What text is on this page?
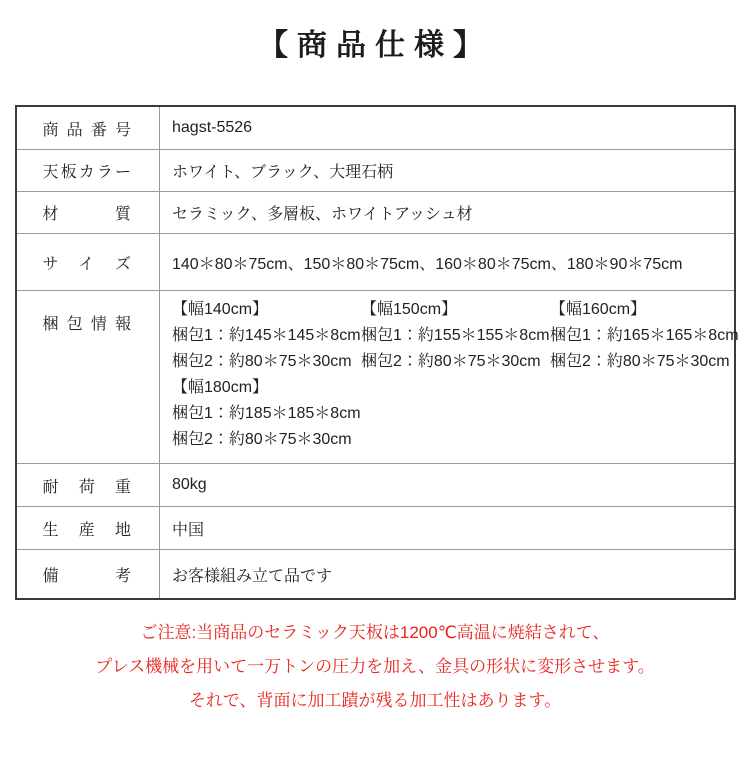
【商品仕様】
商品番号	hagst-5526
天板カラー	ホワイト、ブラック、大理石柄
材質	セラミック、多層板、ホワイトアッシュ材
サイズ	140＊80＊75cm、150＊80＊75cm、160＊80＊75cm、180＊90＊75cm
梱包情報	
【幅140cm】
梱包1：約145＊145＊8cm
梱包2：約80＊75＊30cm
【幅150cm】
梱包1：約155＊155＊8cm
梱包2：約80＊75＊30cm
【幅160cm】
梱包1：約165＊165＊8cm
梱包2：約80＊75＊30cm
【幅180cm】
梱包1：約185＊185＊8cm
梱包2：約80＊75＊30cm

耐荷重	80kg
生産地	中国
備考	お客様組み立て品です

ご注意:当商品のセラミック天板は1200℃高温に焼結されて、

プレス機械を用いて一万トンの圧力を加え、金具の形状に変形させます。

それで、背面に加工蹟が残る加工性はあります。
